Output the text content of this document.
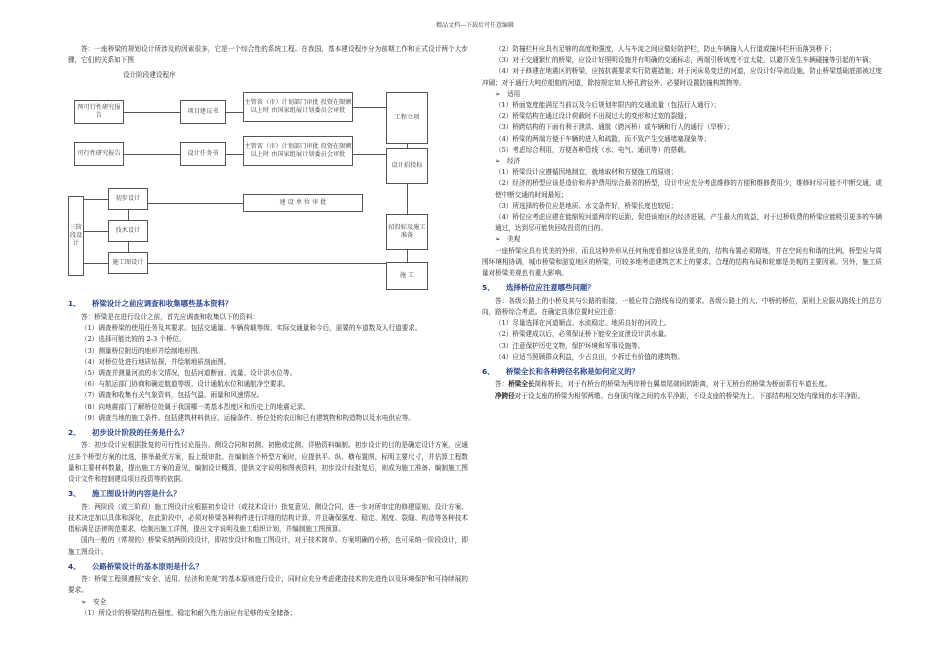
精品文档---下载后可任意编辑

答：一座桥梁的规划设计所涉及的因素很多，它是一个综合性的系统工程。在我国，基本建设程序分为前期工作和正式设计两个大步骤，它们的关系如下图

设计阶段建设程序
预可行性研究报告
项目建议书
主管省（市）计划部门审批 投资在限额以上时 由国家组展计划委员会审批
工程立项
可行性研究报告	设计任务书
主管省（市）计划部门审批 投资在限额以上时 由国家组展计划委员会审批
设计招投标
三阶段设计
初步设计
技术设计
施工图设计
建 设 单 位 审 批
招投标及施工准备
施 工
1、 桥梁设计之前应调查和收集哪些基本资料？

答：桥梁是在进行设计之前，首先应调查和收集以下的资料：

（1）调查桥梁的使用任务及其要求。包括交通量、车辆荷载等级、实际交通量和今后，需要的车道数及人行道要求。

（2）选择可能比较的 2-3 个桥位。

（3）测量桥位附近的地形并绘制地形图。

（4）对桥位处进行地质钻探，并绘制地质剖面图。

（5）调查并测量河流的水文情况，包括河道断面、流量、设计洪水位等。

（6）与航运部门协商和确定航道等级、设计通航水位和通航净空要求。

（7）调查和收集有关气象资料，包括气温、雨量和风速情况。

（8）向地震部门了解桥位处属于我国哪一类基本烈度区和历史上的地震记录。

（9）调查当地的施工条件。包括建筑材料供应、运输条件、桥位处的农田和已有建筑物和构造物以及水电供应等。

2、 初步设计阶段的任务是什么？

答：初步设计应根据批复的可行性讨论报告、测设合同和初测、初勘或定测、详勘资料编制。初步设计的目的是确定设计方案，应通过多个桥型方案的比选，推举最优方案，报上级审批。在编制各个桥型方案时，应提供平、纵、横布置图，标明主要尺寸，并估算工程数量和主要材料数量，提出施工方案的意见，编制设计概算，提供文字说明和图表资料，初步设计经批复后，则成为施工准备、编制施工图设计文件和控制建设项目投资等的依据。

3、 施工图设计的内容是什么？

答：两阶段（或三阶段）施工图设计应根据初步设计（或技术设计）批复意见、测设合同，进一步对所审定的修建原则、设计方案、技术决定加以具体和深化，在此阶段中，必须对桥梁各种构件进行详细的结构计算，并且确保强度、稳定、刚度、裂缝、构造等各种技术指标满足法律规范要求，绘制出施工详图，提出文字说明及施工组织计划，并编制施工图预算。

国内一般的（常规的）桥梁采纳两阶段设计，即初步设计和施工图设计，对于技术简单、方案明确的小桥，也可采纳一阶段设计，即施工图设计。

4、 公路桥梁设计的基本原则是什么？

答：桥梁工程须遵照“安全、适用、经济和美观”的基本原则进行设计，同时应充分考虑建造技术的先进性以及环境保护和可持续展的要求。

➢ 安全

（1）所设计的桥梁结构在强度、稳定和耐久性方面应有足够的安全储备；

（2）防撞栏杆应具有足够的高度和强度，人与车流之间应做好防护栏，防止车辆撞入人行道或撞坏栏杆而落到桥下；

（3）对于交通繁忙的桥梁，应设计好照明设施并有明确的交通标志，两端引桥坡度不宜太陡，以避开发生车辆碰撞等引起的车祸；

（4）对于修建在地震区的桥梁，应按抗震要求实行防震措施；对于河床易变迁的河道，应设计好导流设施，防止桥梁基础底部被过度冲刷；对于通行大吨位船舶的河道，除按规定加大桥孔跨径外，必要时设置防撞构筑物等。

➢ 适用

（1）桥面宽度能满足当前以及今后规划年限内的交通流量（包括行人通行）；

（2）桥梁结构在通过设计荷载时不出现过大的变形和过宽的裂缝；

（3）桥跨结构的下面有利于泄洪、通航（跨河桥）或车辆和行人的通行（旱桥）；

（4）桥梁的两端方便于车辆的进入和疏散，而不致产生交通堵塞现象等；

（5）考虑综合利用，方便各种管线（水、电气、通讯等）的搭载。

➢ 经济

（1）桥梁设计应遵循因地制宜，就地取材和方便施工的原则；

（2）经济的桥型应该是造价和养护费用综合最省的桥型，设计中应充分考虑维修的方便和维修费用少，维修时尽可能不中断交通，或使中断交通的时间最短；

（3）所选择的桥位应是地质、水文条件好，桥梁长度也较短；

（4）桥位应考虑应建在能缩短河道两岸的运距，促进该地区的经济进展，产生最大的效益，对于过桥收费的桥梁应能吸引更多的车辆通过，达到尽可能快回收投资的目的。

➢ 美观

一座桥梁应具有优美的外形，而且这种外形从任何角度看都应该是优美的，结构布置必须精练，并在空间有和谐的比例。桥型应与周围环境相协调，城市桥梁和游览地区的桥梁，可较多地考虑建筑艺术上的要求。合理的结构布局和轮廓是美观的主要因素。另外，施工质量对桥梁美观也有重大影响。

5、 选择桥位应注意哪些问题？

答：各级公路上的小桥及其与公路的衔接，一般应符合路线布设的要求。各级公路上的大、中桥的桥位，原则上应服从路线上的总方向，路桥综合考虑。在确定具体位置时应注意：

（1）尽量选择在河道顺直、水流稳定、地质良好的河段上。

（2）桥梁建成以后，必须保证桥下能安全宣泄设计洪水量。

（3）注意保护历史文物，保护环境和军事设施等。

（4）应适当照顾群众利益，少占良田，少拆迁有价值的建筑物。

6、 桥梁全长和各种跨径名称是如何定义的？

答：桥梁全长简称桥长，对于有桥台的桥梁为两岸桥台翼墙尾端间的距离，对于无桥台的桥梁为桥面系行车道长度。

净跨径对于设支座的桥梁为相邻两墩、台身顶内缘之间的水平净距，不设支座的桥梁为上、下部结构相交处内缘间的水平净距。
